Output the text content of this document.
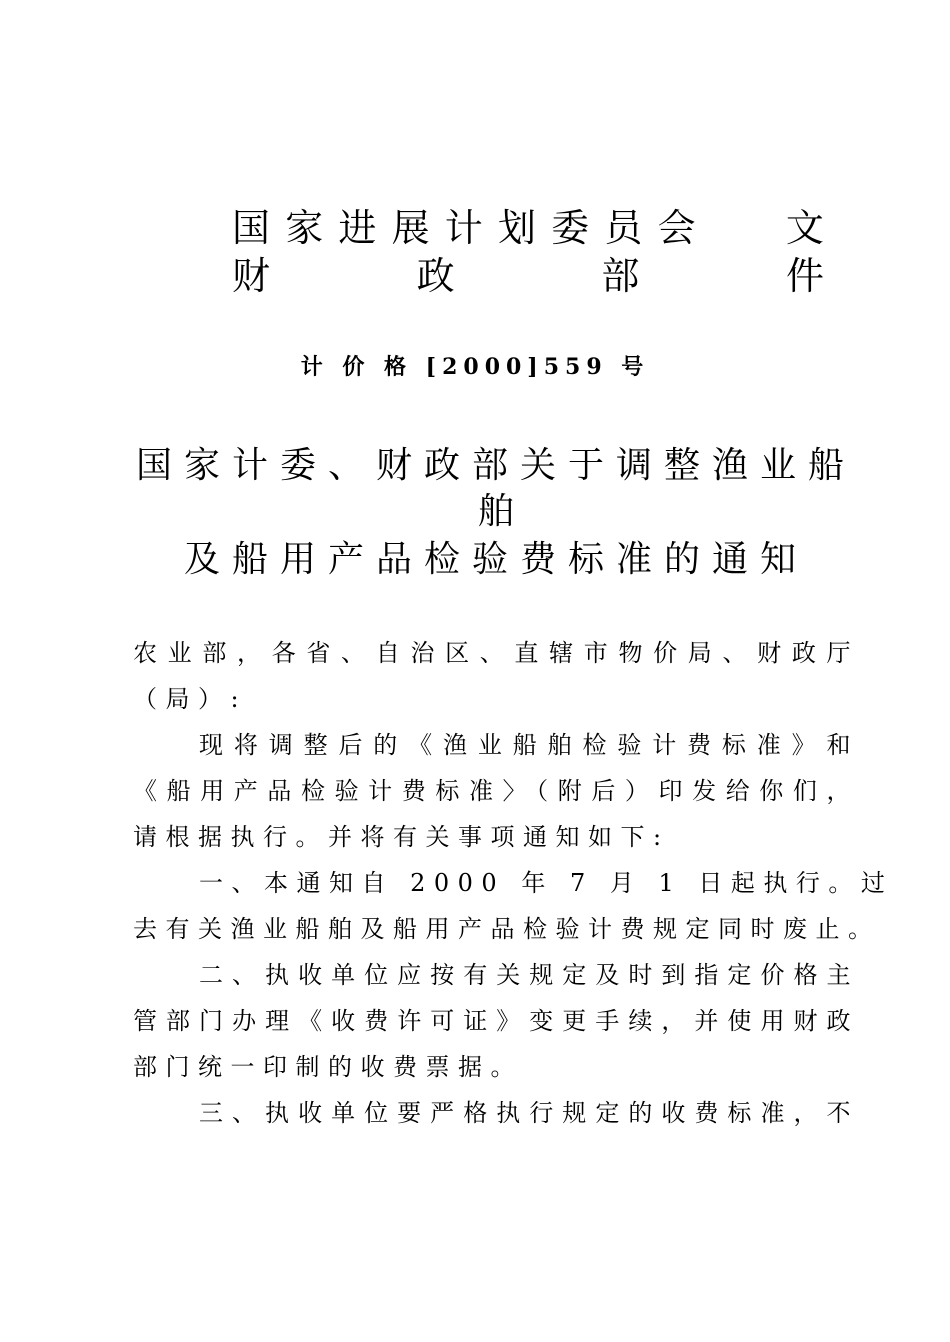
国 家 进 展 计 划 委 员 会 文
财	政	部	件
计 价 格 [2000]559 号
国家计委、财政部关于调整渔业船
舶
及船用产品检验费标准的通知
农业部，各省、自治区、直辖市物价局、财政厅
（局）:
现将调整后的《渔业船舶检验计费标准》和
《船用产品检验计费标准〉（附后）印发给你们，
请根据执行。并将有关事项通知如下:
一、本通知自 2000 年 7 月 1 日起执行。过
去有关渔业船舶及船用产品检验计费规定同时废止。
二、执收单位应按有关规定及时到指定价格主
管部门办理《收费许可证》变更手续，并使用财政
部门统一印制的收费票据。
三、执收单位要严格执行规定的收费标准，不
